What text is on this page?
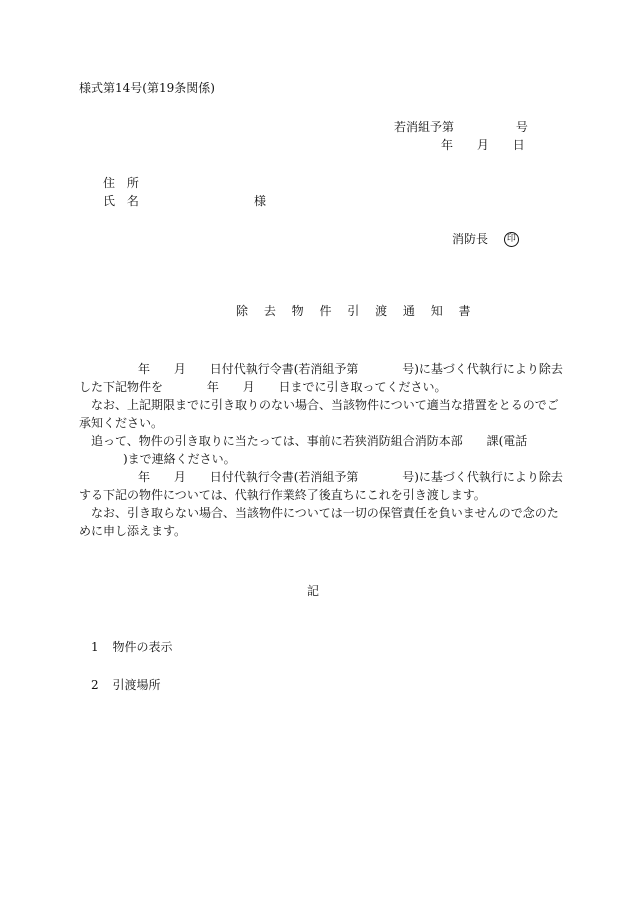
様式第14号(第19条関係)
若消組予第	号
年 月 日
住 所
氏 名	様
消防長 印
除 去 物 件 引 渡 通 知 書
年 月 日付代執行令書(若消組予第	号)に基づく代執行により除去
した下記物件を	年 月 日までに引き取ってください。
なお、上記期限までに引き取りのない場合、当該物件について適当な措置をとるのでご
承知ください。
追って、物件の引き取りに当たっては、事前に若狭消防組合消防本部 課(電話
)まで連絡ください。
年 月 日付代執行令書(若消組予第	号)に基づく代執行により除去
する下記の物件については、代執行作業終了後直ちにこれを引き渡します。
なお、引き取らない場合、当該物件については一切の保管責任を負いませんので念のた
めに申し添えます。
記
1 物件の表示
2 引渡場所
